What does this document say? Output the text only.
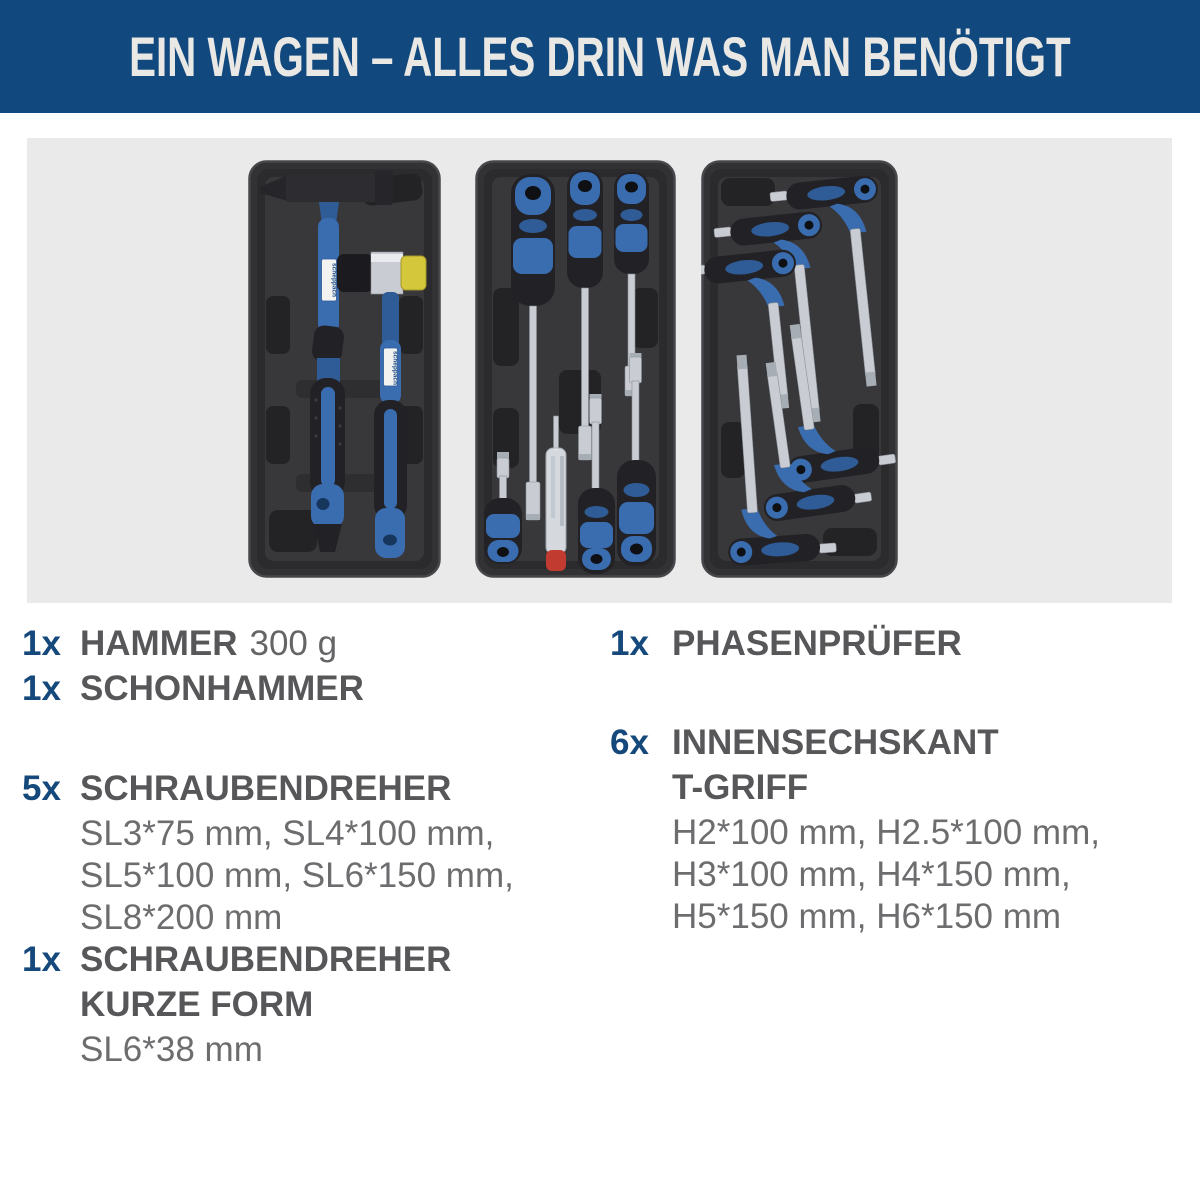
EIN WAGEN – ALLES DRIN WAS MAN BENÖTIGT
scheppach
scheppach
1x HAMMER 300 g
1x SCHONHAMMER
5x SCHRAUBENDREHER
SL3*75 mm, SL4*100 mm,
SL5*100 mm, SL6*150 mm,
SL8*200 mm
1x SCHRAUBENDREHER
KURZE FORM
SL6*38 mm
1x PHASENPRÜFER
6x INNENSECHSKANT
T-GRIFF
H2*100 mm, H2.5*100 mm,
H3*100 mm, H4*150 mm,
H5*150 mm, H6*150 mm
